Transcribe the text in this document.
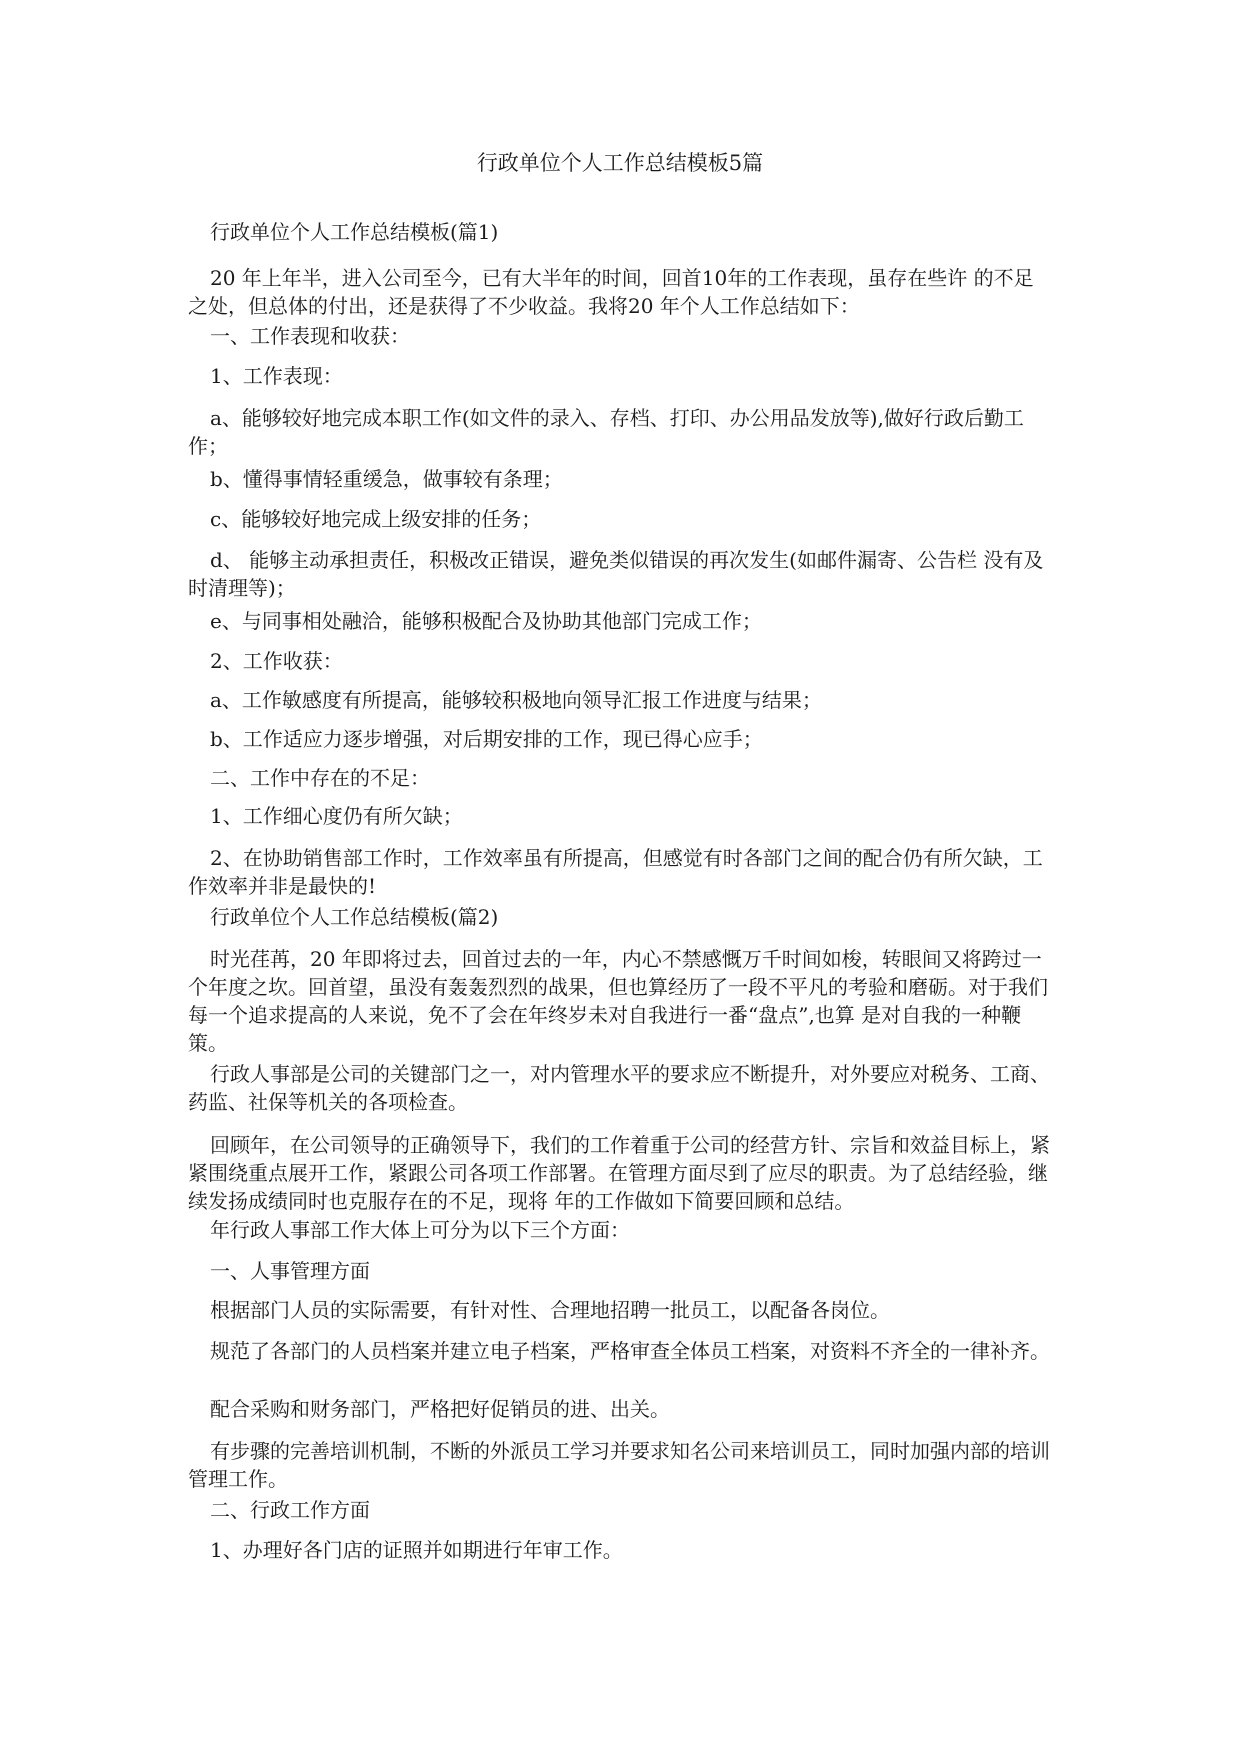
行政单位个人工作总结模板5篇

行政单位个人工作总结模板(篇1)

20 年上年半，进入公司至今，已有大半年的时间，回首10年的工作表现，虽存在些许 的不足之处，但总体的付出，还是获得了不少收益。我将20 年个人工作总结如下：

一、工作表现和收获：

1、工作表现：

a、能够较好地完成本职工作(如文件的录入、存档、打印、办公用品发放等),做好行政后勤工作；

b、懂得事情轻重缓急，做事较有条理；

c、能够较好地完成上级安排的任务；

d、 能够主动承担责任，积极改正错误，避免类似错误的再次发生(如邮件漏寄、公告栏 没有及时清理等)；

e、与同事相处融洽，能够积极配合及协助其他部门完成工作；

2、工作收获：

a、工作敏感度有所提高，能够较积极地向领导汇报工作进度与结果；

b、工作适应力逐步增强，对后期安排的工作，现已得心应手；

二、工作中存在的不足：

1、工作细心度仍有所欠缺；

2、在协助销售部工作时，工作效率虽有所提高，但感觉有时各部门之间的配合仍有所欠缺，工作效率并非是最快的!

行政单位个人工作总结模板(篇2)

时光荏苒，20 年即将过去，回首过去的一年，内心不禁感慨万千时间如梭，转眼间又将跨过一个年度之坎。回首望，虽没有轰轰烈烈的战果，但也算经历了一段不平凡的考验和磨砺。对于我们每一个追求提高的人来说，免不了会在年终岁未对自我进行一番“盘点”,也算 是对自我的一种鞭策。

行政人事部是公司的关键部门之一，对内管理水平的要求应不断提升，对外要应对税务、工商、药监、社保等机关的各项检查。

回顾年，在公司领导的正确领导下，我们的工作着重于公司的经营方针、宗旨和效益目标上，紧紧围绕重点展开工作，紧跟公司各项工作部署。在管理方面尽到了应尽的职责。为了总结经验，继续发扬成绩同时也克服存在的不足，现将 年的工作做如下简要回顾和总结。

年行政人事部工作大体上可分为以下三个方面：

一、人事管理方面

根据部门人员的实际需要，有针对性、合理地招聘一批员工，以配备各岗位。

规范了各部门的人员档案并建立电子档案，严格审查全体员工档案，对资料不齐全的一律补齐。

配合采购和财务部门，严格把好促销员的进、出关。

有步骤的完善培训机制，不断的外派员工学习并要求知名公司来培训员工，同时加强内部的培训管理工作。

二、行政工作方面

1、办理好各门店的证照并如期进行年审工作。
